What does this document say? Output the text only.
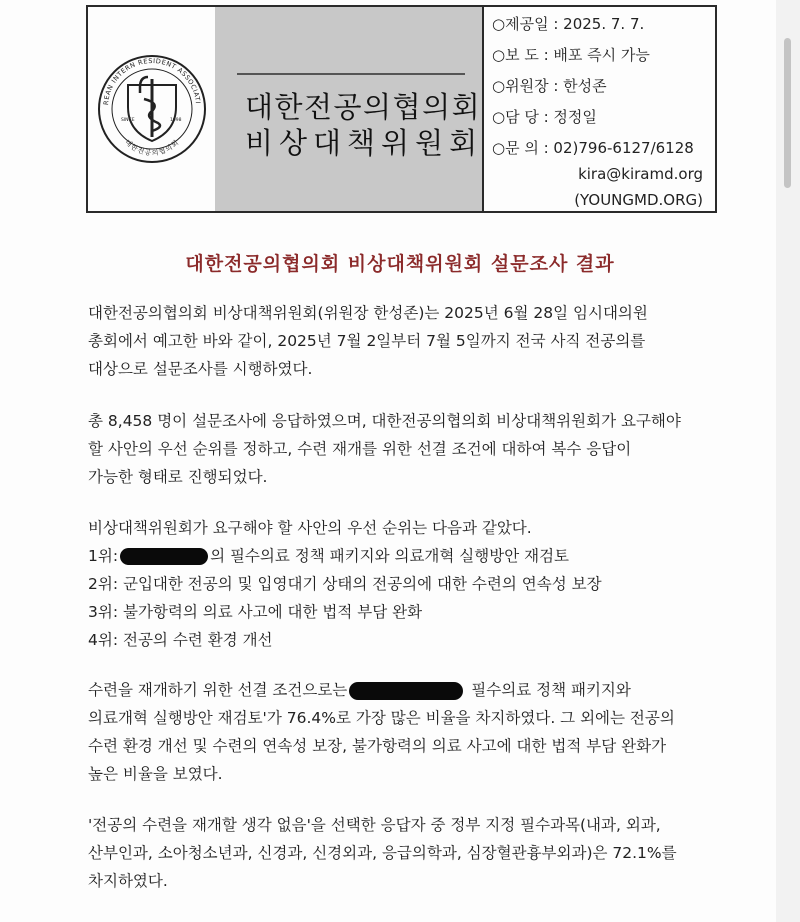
REAN INTERN RESIDENT ASSOCIATI
대한전공의협의회
SINCE	1998 대한전공의협의회
비상대책위원회
○제공일 : 2025. 7. 7.
○보 도 : 배포 즉시 가능
○위원장 : 한성존
○담 당 : 정정일
○문 의 : 02)796-6127/6128
kira@kiramd.org
(YOUNGMD.ORG)
대한전공의협의회 비상대책위원회 설문조사 결과
대한전공의협의회 비상대책위원회(위원장 한성존)는 2025년 6월 28일 임시대의원
총회에서 예고한 바와 같이, 2025년 7월 2일부터 7월 5일까지 전국 사직 전공의를
대상으로 설문조사를 시행하였다.
총 8,458 명이 설문조사에 응답하였으며, 대한전공의협의회 비상대책위원회가 요구해야
할 사안의 우선 순위를 정하고, 수련 재개를 위한 선결 조건에 대하여 복수 응답이
가능한 형태로 진행되었다.
비상대책위원회가 요구해야 할 사안의 우선 순위는 다음과 같았다.
1위:	의 필수의료 정책 패키지와 의료개혁 실행방안 재검토
2위: 군입대한 전공의 및 입영대기 상태의 전공의에 대한 수련의 연속성 보장
3위: 불가항력의 의료 사고에 대한 법적 부담 완화
4위: 전공의 수련 환경 개선
수련을 재개하기 위한 선결 조건으로는	필수의료 정책 패키지와
의료개혁 실행방안 재검토'가 76.4%로 가장 많은 비율을 차지하였다. 그 외에는 전공의
수련 환경 개선 및 수련의 연속성 보장, 불가항력의 의료 사고에 대한 법적 부담 완화가
높은 비율을 보였다.
'전공의 수련을 재개할 생각 없음'을 선택한 응답자 중 정부 지정 필수과목(내과, 외과,
산부인과, 소아청소년과, 신경과, 신경외과, 응급의학과, 심장혈관흉부외과)은 72.1%를
차지하였다.
